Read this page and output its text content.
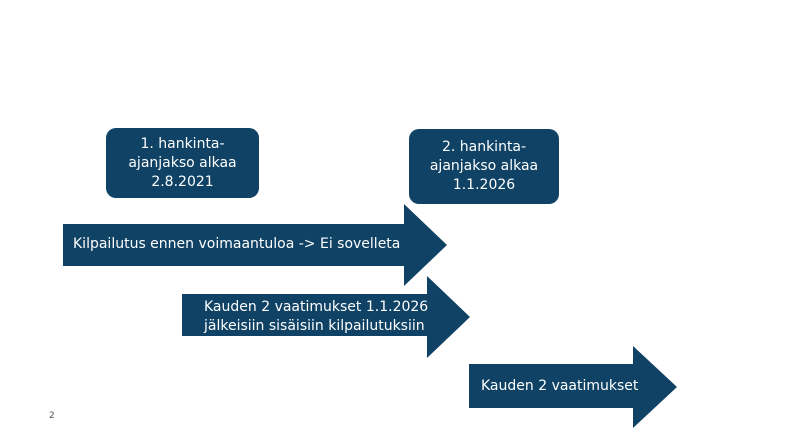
1. hankinta-
ajanjakso alkaa
2.8.2021
2. hankinta-
ajanjakso alkaa
1.1.2026
Kilpailutus ennen voimaantuloa -> Ei sovelleta
Kauden 2 vaatimukset 1.1.2026
jälkeisiin sisäisiin kilpailutuksiin
Kauden 2 vaatimukset
2
